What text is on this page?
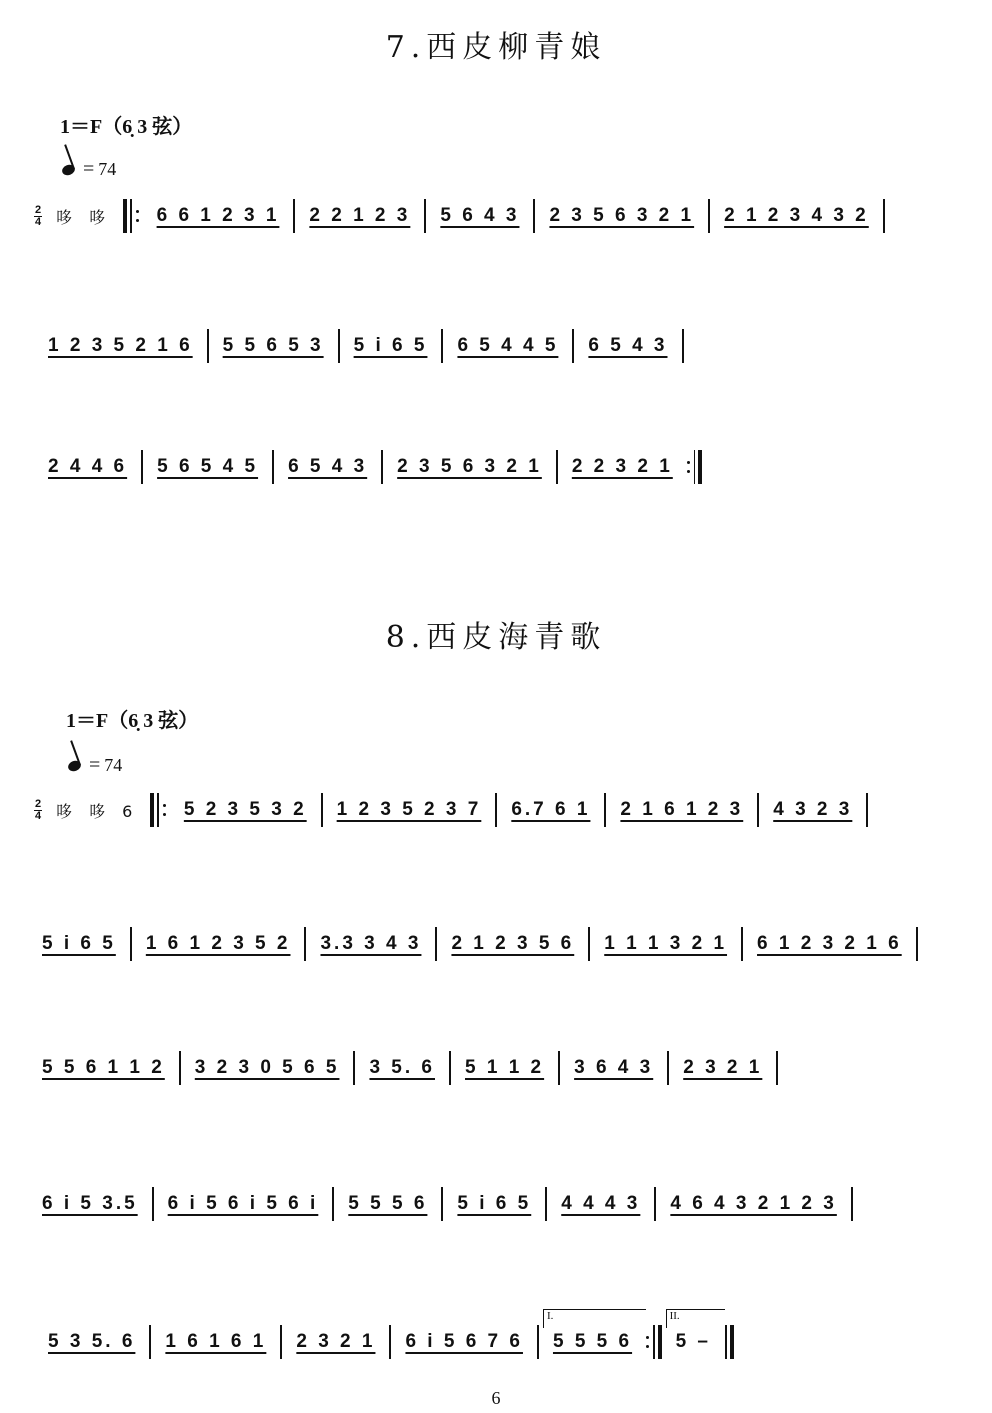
7.西皮柳青娘
1＝F（6̣ 3 弦）
= 74
2
4 哆 哆	6 6 1 2 3 1	2 2 1 2 3	5 6 4 3	2 3 5 6 3 2 1	2 1 2 3 4 3 2
1 2 3 5 2 1 6	5 5 6 5 3	5 i 6 5	6 5 4 4 5	6 5 4 3
2 4 4 6	5 6 5 4 5	6 5 4 3	2 3 5 6 3 2 1	2 2 3 2 1
8.西皮海青歌
1＝F（6̣ 3 弦）
= 74
2
4 哆 哆 6	5 2 3 5 3 2	1 2 3 5 2 3 7	6.7 6 1	2 1 6 1 2 3	4 3 2 3
5 i 6 5	1 6 1 2 3 5 2	3.3 3 4 3	2 1 2 3 5 6	1 1 1 3 2 1	6 1 2 3 2 1 6
5 5 6 1 1 2	3 2 3 0 5 6 5	3 5. 6	5 1 1 2	3 6 4 3	2 3 2 1
6 i 5 3.5	6 i 5 6 i 5 6 i	5 5 5 6	5 i 6 5	4 4 4 3	4 6 4 3 2 1 2 3
5 3 5. 6	1 6 1 6 1	2 3 2 1	6 i 5 6 7 6
I.
5 5 5 6
II.
5 –
6
